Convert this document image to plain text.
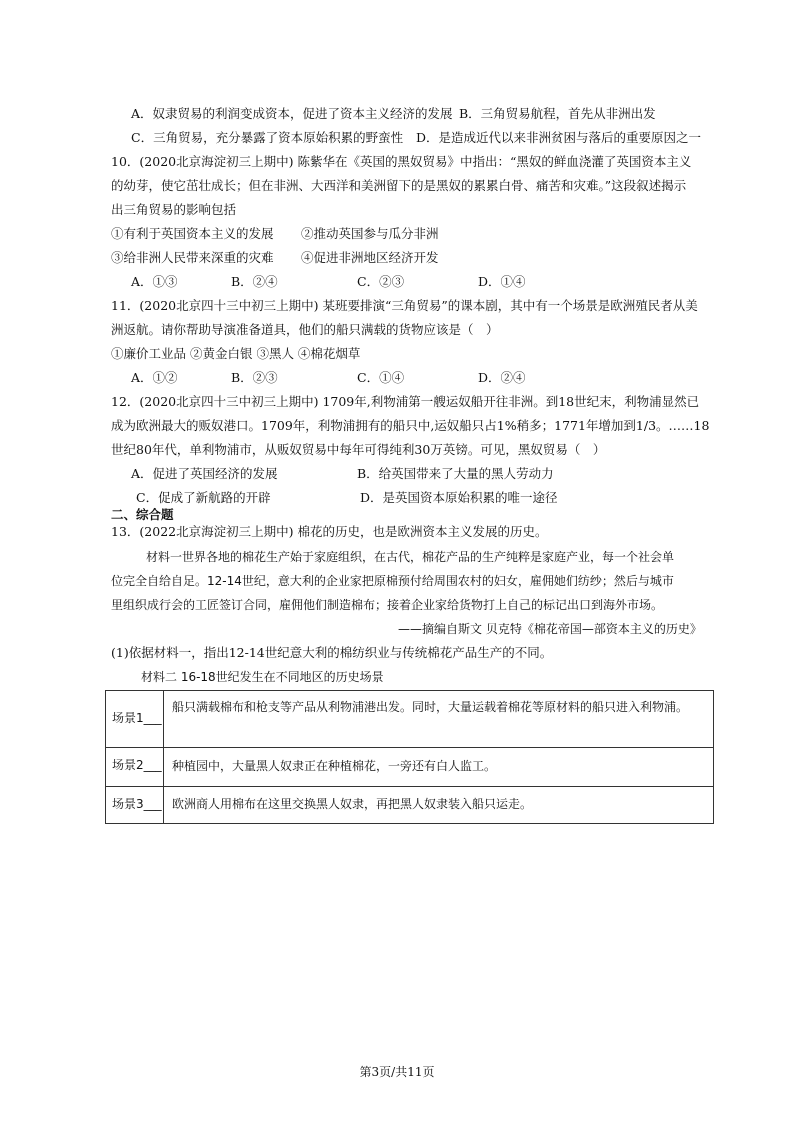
A．奴隶贸易的利润变成资本，促进了资本主义经济的发展 B．三角贸易航程，首先从非洲出发
C．三角贸易，充分暴露了资本原始积累的野蛮性 D．是造成近代以来非洲贫困与落后的重要原因之一
10．(2020北京海淀初三上期中) 陈紫华在《英国的黑奴贸易》中指出：“黑奴的鲜血浇灌了英国资本主义
的幼芽，使它茁壮成长；但在非洲、大西洋和美洲留下的是黑奴的累累白骨、痛苦和灾难。”这段叙述揭示
出三角贸易的影响包括
①有利于英国资本主义的发展 ②推动英国参与瓜分非洲
③给非洲人民带来深重的灾难 ④促进非洲地区经济开发
A．①③	B．②④	C．②③	D．①④
11．(2020北京四十三中初三上期中) 某班要排演“三角贸易”的课本剧，其中有一个场景是欧洲殖民者从美
洲返航。请你帮助导演准备道具，他们的船只满载的货物应该是（　）
①廉价工业品 ②黄金白银 ③黑人 ④棉花烟草
A．①②	B．②③	C．①④	D．②④
12．(2020北京四十三中初三上期中) 1709年,利物浦第一艘运奴船开往非洲。到18世纪末，利物浦显然已
成为欧洲最大的贩奴港口。1709年，利物浦拥有的船只中,运奴船只占1%稍多；1771年增加到1/3。……18
世纪80年代，单利物浦市，从贩奴贸易中每年可得纯利30万英镑。可见，黑奴贸易（　）
A．促进了英国经济的发展	B．给英国带来了大量的黑人劳动力
C．促成了新航路的开辟	D．是英国资本原始积累的唯一途径
二、综合题
13．(2022北京海淀初三上期中) 棉花的历史，也是欧洲资本主义发展的历史。
材料一世界各地的棉花生产始于家庭组织，在古代，棉花产品的生产纯粹是家庭产业，每一个社会单
位完全自给自足。12-14世纪，意大利的企业家把原棉预付给周围农村的妇女，雇佣她们纺纱；然后与城市
里组织成行会的工匠签订合同，雇佣他们制造棉布；接着企业家给货物打上自己的标记出口到海外市场。
——摘编自斯文 贝克特《棉花帝国—部资本主义的历史》
(1)依据材料一，指出12-14世纪意大利的棉纺织业与传统棉花产品生产的不同。
材料二 16-18世纪发生在不同地区的历史场景
场景1___
船只满载棉布和枪支等产品从利物浦港出发。同时，大量运载着棉花等原材料的船只进入利物浦。
场景2___ 种植园中，大量黑人奴隶正在种植棉花，一旁还有白人监工。
场景3___ 欧洲商人用棉布在这里交换黑人奴隶，再把黑人奴隶装入船只运走。
第3页/共11页
